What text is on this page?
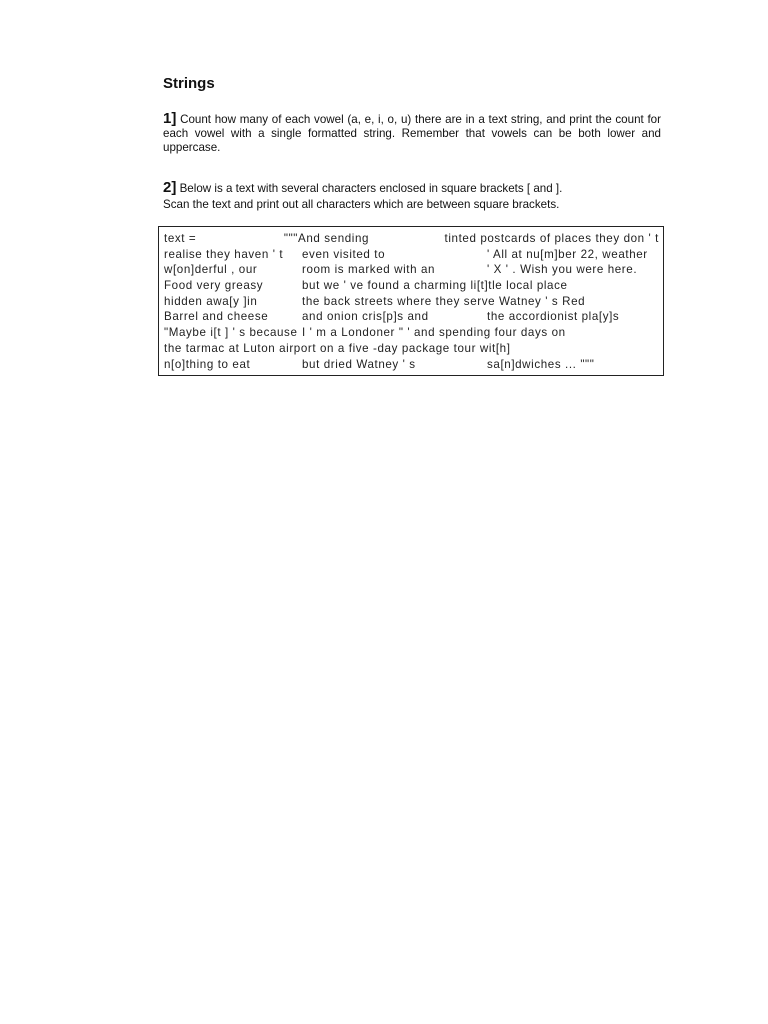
Strings
1] Count how many of each vowel (a, e, i, o, u) there are in a text string, and print the count for each vowel with a single formatted string. Remember that vowels can be both lower and uppercase.
2] Below is a text with several characters enclosed in square brackets [ and ].
Scan the text and print out all characters which are between square brackets.
text =	"""And sending	tinted postcards of places they don ' t
realise they haven ' t	even visited to	' All at nu[m]ber 22, weather
w[on]derful , our	room is marked with an	' X ' . Wish you were here.
Food very greasy	but we ' ve found a charming li[t]tle local place
hidden awa[y ]in	the back streets where they serve Watney ' s Red
Barrel and cheese	and onion cris[p]s and	the accordionist pla[y]s
"Maybe i[t ] ' s because I ' m a Londoner " ' and spending four days on
the tarmac at Luton airport on a five -day package tour wit[h]
n[o]thing to eat	but dried Watney ' s	sa[n]dwiches ... """
